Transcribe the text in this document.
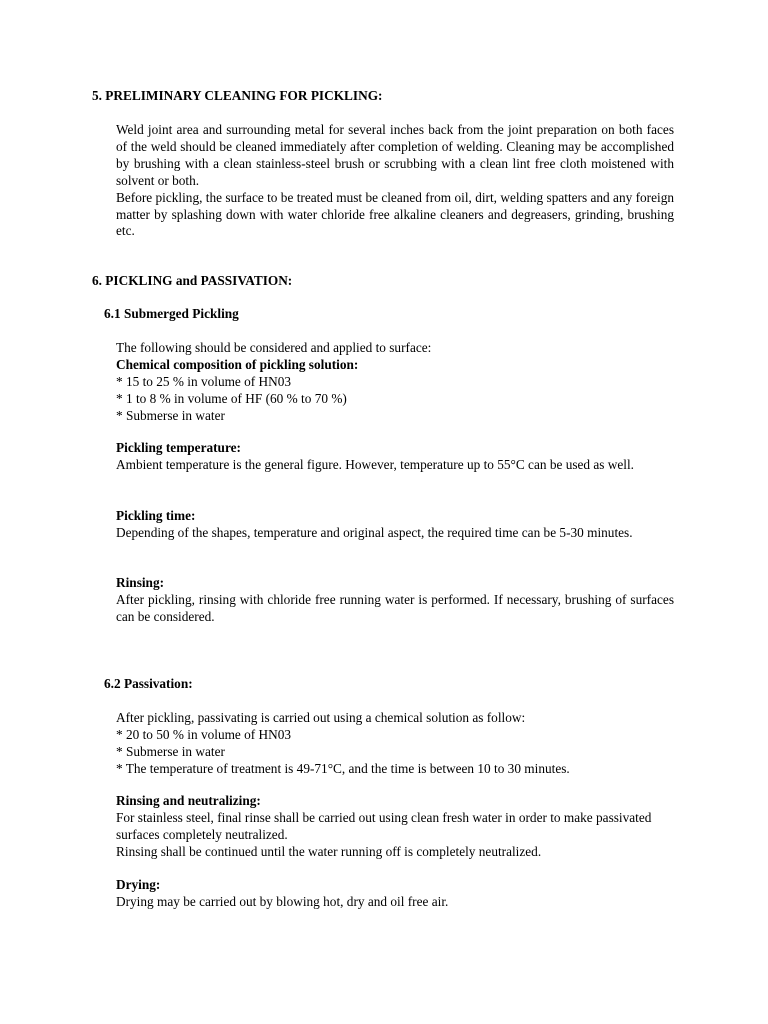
5. PRELIMINARY CLEANING FOR PICKLING:

Weld joint area and surrounding metal for several inches back from the joint preparation on both faces of the weld should be cleaned immediately after completion of welding. Cleaning may be accomplished by brushing with a clean stainless-steel brush or scrubbing with a clean lint free cloth moistened with solvent or both.

Before pickling, the surface to be treated must be cleaned from oil, dirt, welding spatters and any foreign matter by splashing down with water chloride free alkaline cleaners and degreasers, grinding, brushing etc.

6. PICKLING and PASSIVATION:
6.1 Submerged Pickling

The following should be considered and applied to surface:

Chemical composition of pickling solution:

* 15 to 25 % in volume of HN03

* 1 to 8 % in volume of HF (60 % to 70 %)

* Submerse in water

Pickling temperature:

Ambient temperature is the general figure. However, temperature up to 55°C can be used as well.

Pickling time:

Depending of the shapes, temperature and original aspect, the required time can be 5-30 minutes.

Rinsing:

After pickling, rinsing with chloride free running water is performed. If necessary, brushing of surfaces can be considered.

6.2 Passivation:

After pickling, passivating is carried out using a chemical solution as follow:

* 20 to 50 % in volume of HN03

* Submerse in water

* The temperature of treatment is 49-71°C, and the time is between 10 to 30 minutes.

Rinsing and neutralizing:

For stainless steel, final rinse shall be carried out using clean fresh water in order to make passivated surfaces completely neutralized.

Rinsing shall be continued until the water running off is completely neutralized.

Drying:

Drying may be carried out by blowing hot, dry and oil free air.
